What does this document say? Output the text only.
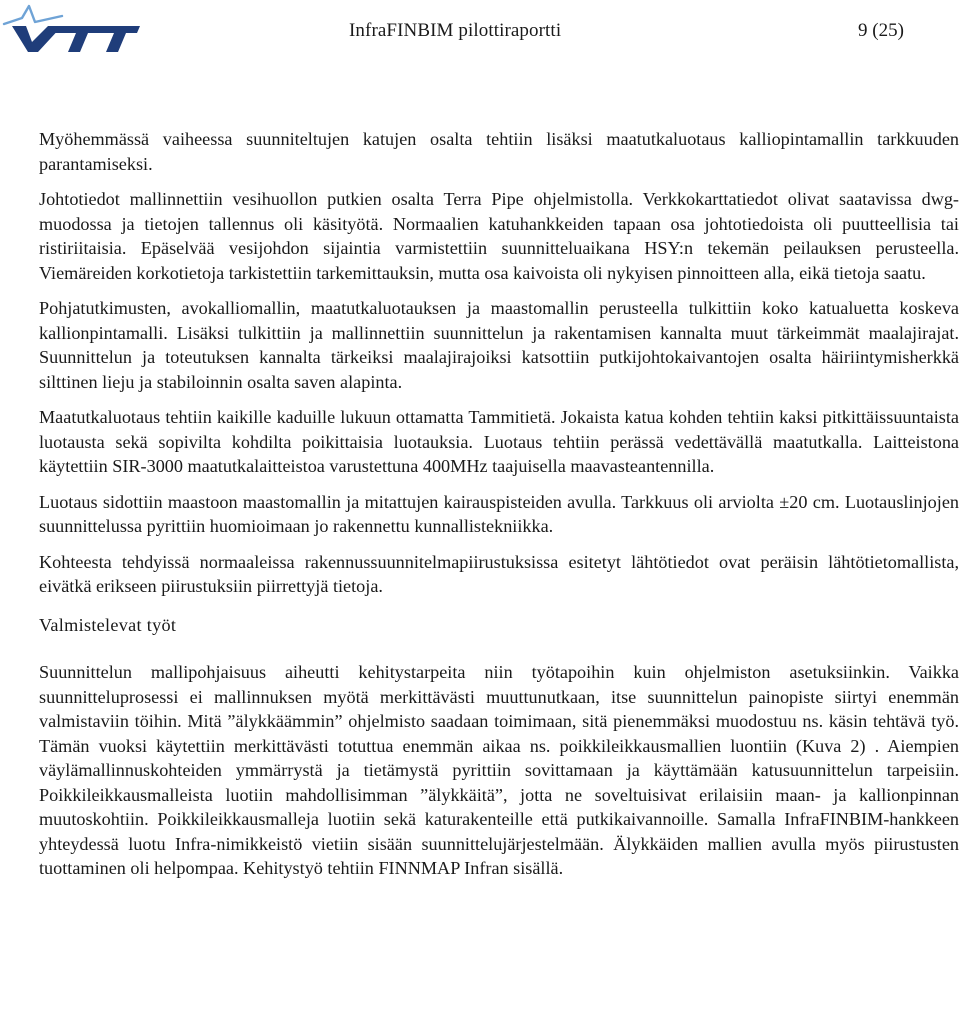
InfraFINBIM pilottiraportti	9 (25)

Myöhemmässä vaiheessa suunniteltujen katujen osalta tehtiin lisäksi maatutkaluotaus kalliopintamallin tarkkuuden parantamiseksi.

Johtotiedot mallinnettiin vesihuollon putkien osalta Terra Pipe ohjelmistolla. Verkkokarttatiedot olivat saatavissa dwg-muodossa ja tietojen tallennus oli käsityötä. Normaalien katuhankkeiden tapaan osa johtotiedoista oli puutteellisia tai ristiriitaisia. Epäselvää vesijohdon sijaintia varmistettiin suunnitteluaikana HSY:n tekemän peilauksen perusteella. Viemäreiden korkotietoja tarkistettiin tarkemittauksin, mutta osa kaivoista oli nykyisen pinnoitteen alla, eikä tietoja saatu.

Pohjatutkimusten, avokalliomallin, maatutkaluotauksen ja maastomallin perusteella tulkittiin koko katualuetta koskeva kallionpintamalli. Lisäksi tulkittiin ja mallinnettiin suunnittelun ja rakentamisen kannalta muut tärkeimmät maalajirajat. Suunnittelun ja toteutuksen kannalta tärkeiksi maalajirajoiksi katsottiin putkijohtokaivantojen osalta häiriintymisherkkä silttinen lieju ja stabiloinnin osalta saven alapinta.

Maatutkaluotaus tehtiin kaikille kaduille lukuun ottamatta Tammitietä. Jokaista katua kohden tehtiin kaksi pitkittäissuuntaista luotausta sekä sopivilta kohdilta poikittaisia luotauksia. Luotaus tehtiin perässä vedettävällä maatutkalla. Laitteistona käytettiin SIR-3000 maatutkalaitteistoa varustettuna 400MHz taajuisella maavasteantennilla.

Luotaus sidottiin maastoon maastomallin ja mitattujen kairauspisteiden avulla. Tarkkuus oli arviolta ±20 cm. Luotauslinjojen suunnittelussa pyrittiin huomioimaan jo rakennettu kunnallistekniikka.

Kohteesta tehdyissä normaaleissa rakennussuunnitelmapiirustuksissa esitetyt lähtötiedot ovat peräisin lähtötietomallista, eivätkä erikseen piirustuksiin piirrettyjä tietoja.

Valmistelevat työt

Suunnittelun mallipohjaisuus aiheutti kehitystarpeita niin työtapoihin kuin ohjelmiston asetuksiinkin. Vaikka suunnitteluprosessi ei mallinnuksen myötä merkittävästi muuttunutkaan, itse suunnittelun painopiste siirtyi enemmän valmistaviin töihin. Mitä ”älykkäämmin” ohjelmisto saadaan toimimaan, sitä pienemmäksi muodostuu ns. käsin tehtävä työ. Tämän vuoksi käytettiin merkittävästi totuttua enemmän aikaa ns. poikkileikkausmallien luontiin (Kuva 2) . Aiempien väylämallinnuskohteiden ymmärrystä ja tietämystä pyrittiin sovittamaan ja käyttämään katusuunnittelun tarpeisiin. Poikkileikkausmalleista luotiin mahdollisimman ”älykkäitä”, jotta ne soveltuisivat erilaisiin maan- ja kallionpinnan muutoskohtiin. Poikkileikkausmalleja luotiin sekä katurakenteille että putkikaivannoille. Samalla InfraFINBIM-hankkeen yhteydessä luotu Infra-nimikkeistö vietiin sisään suunnittelujärjestelmään. Älykkäiden mallien avulla myös piirustusten tuottaminen oli helpompaa. Kehitystyö tehtiin FINNMAP Infran sisällä.
